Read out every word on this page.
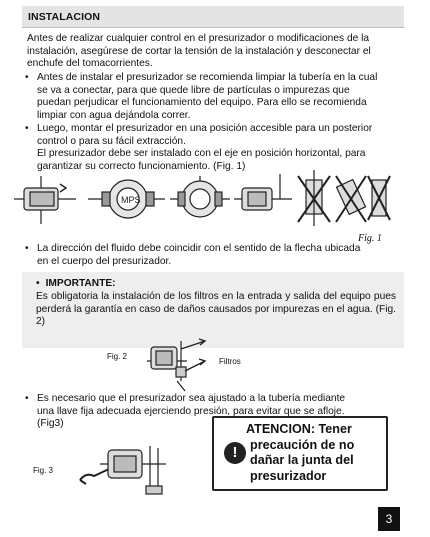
INSTALACION

Antes de realizar cualquier control en el presurizador o modificaciones de la instalación, asegúrese de cortar la tensión de la instalación y desconectar el enchufe del tomacorrientes.

• Antes de instalar el presurizador se recomienda limpiar la tubería en la cual

se va a conectar, para que quede libre de partículas o impurezas que

puedan perjudicar el funcionamiento del equipo. Para ello se recomienda

limpiar con agua dejándola correr.

• Luego, montar el presurizador en una posición accesible para un posterior

control o para su fácil extracción.

El presurizador debe ser instalado con el eje en posición horizontal, para

garantizar su correcto funcionamiento. (Fig. 1)

MPS
Fig. 1
• La dirección del fluido debe coincidir con el sentido de la flecha ubicada

en el cuerpo del presurizador.

• IMPORTANTE:

Es obligatoria la instalación de los filtros en la entrada y salida del equipo pues perderá la garantía en caso de daños causados por impurezas en el agua. (Fig. 2)

Fig. 2
Filtros
• Es necesario que el presurizador sea ajustado a la tubería mediante

una llave fija adecuada ejerciendo presión, para evitar que se afloje.

(Fig3)

Fig. 3
!
ATENCION: Tener
precaución de no
dañar la junta del
presurizador
3
